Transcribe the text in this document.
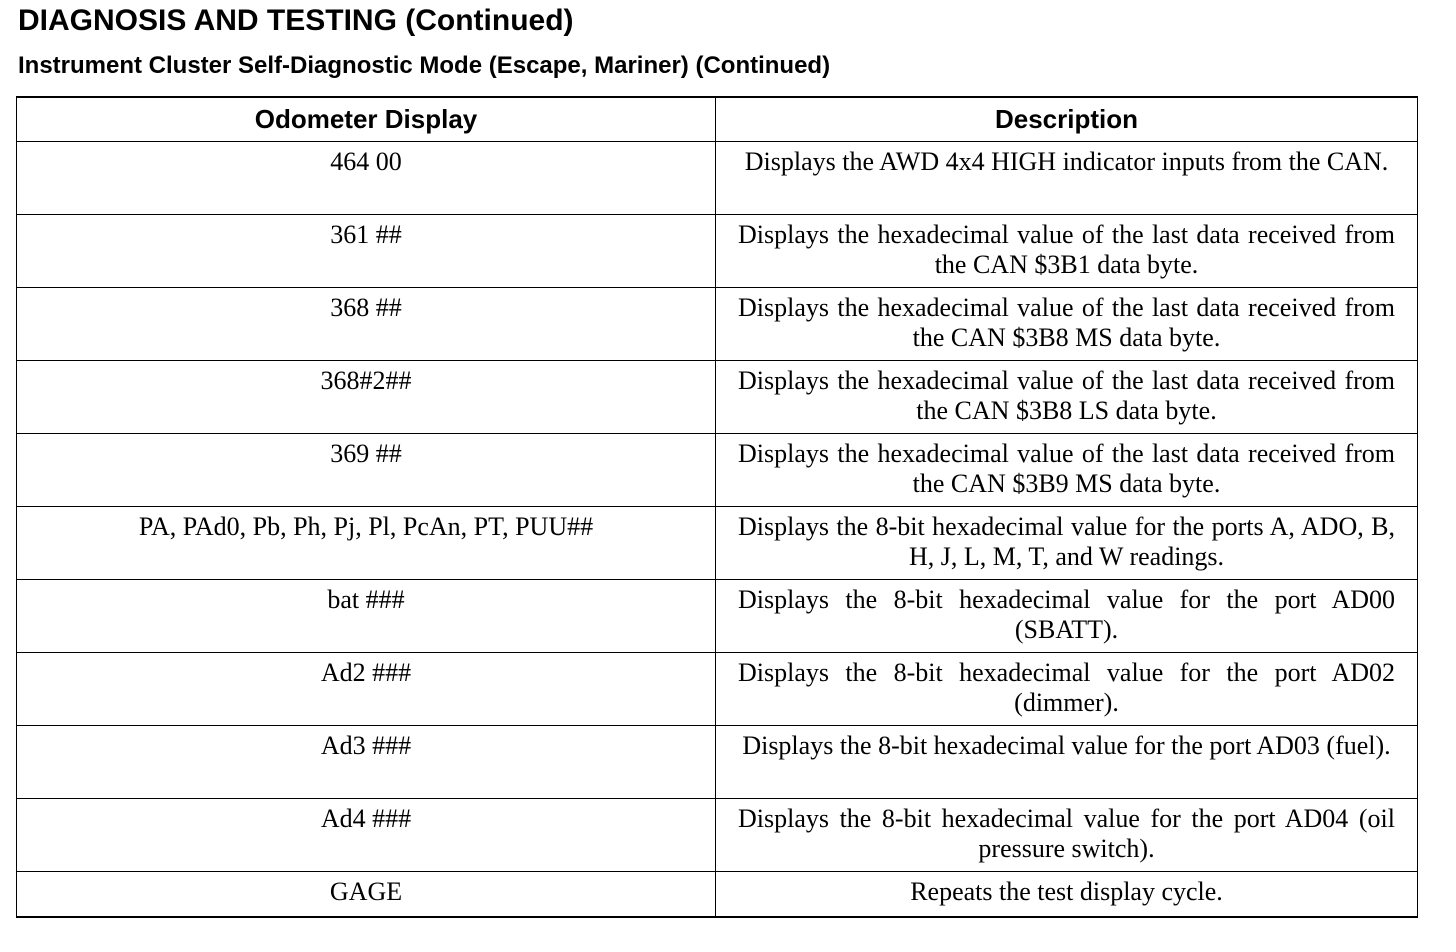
DIAGNOSIS AND TESTING (Continued)
Instrument Cluster Self-Diagnostic Mode (Escape, Mariner) (Continued)
Odometer Display	Description
464 00	Displays the AWD 4x4 HIGH indicator inputs from the CAN.
361 ##	Displays the hexadecimal value of the last data received from the CAN $3B1 data byte.
368 ##	Displays the hexadecimal value of the last data received from the CAN $3B8 MS data byte.
368#2##	Displays the hexadecimal value of the last data received from the CAN $3B8 LS data byte.
369 ##	Displays the hexadecimal value of the last data received from the CAN $3B9 MS data byte.
PA, PAd0, Pb, Ph, Pj, Pl, PcAn, PT, PUU##	Displays the 8-bit hexadecimal value for the ports A, ADO, B, H, J, L, M, T, and W readings.
bat ###	Displays the 8-bit hexadecimal value for the port AD00 (SBATT).
Ad2 ###	Displays the 8-bit hexadecimal value for the port AD02 (dimmer).
Ad3 ###	Displays the 8-bit hexadecimal value for the port AD03 (fuel).
Ad4 ###	Displays the 8-bit hexadecimal value for the port AD04 (oil pressure switch).
GAGE	Repeats the test display cycle.
